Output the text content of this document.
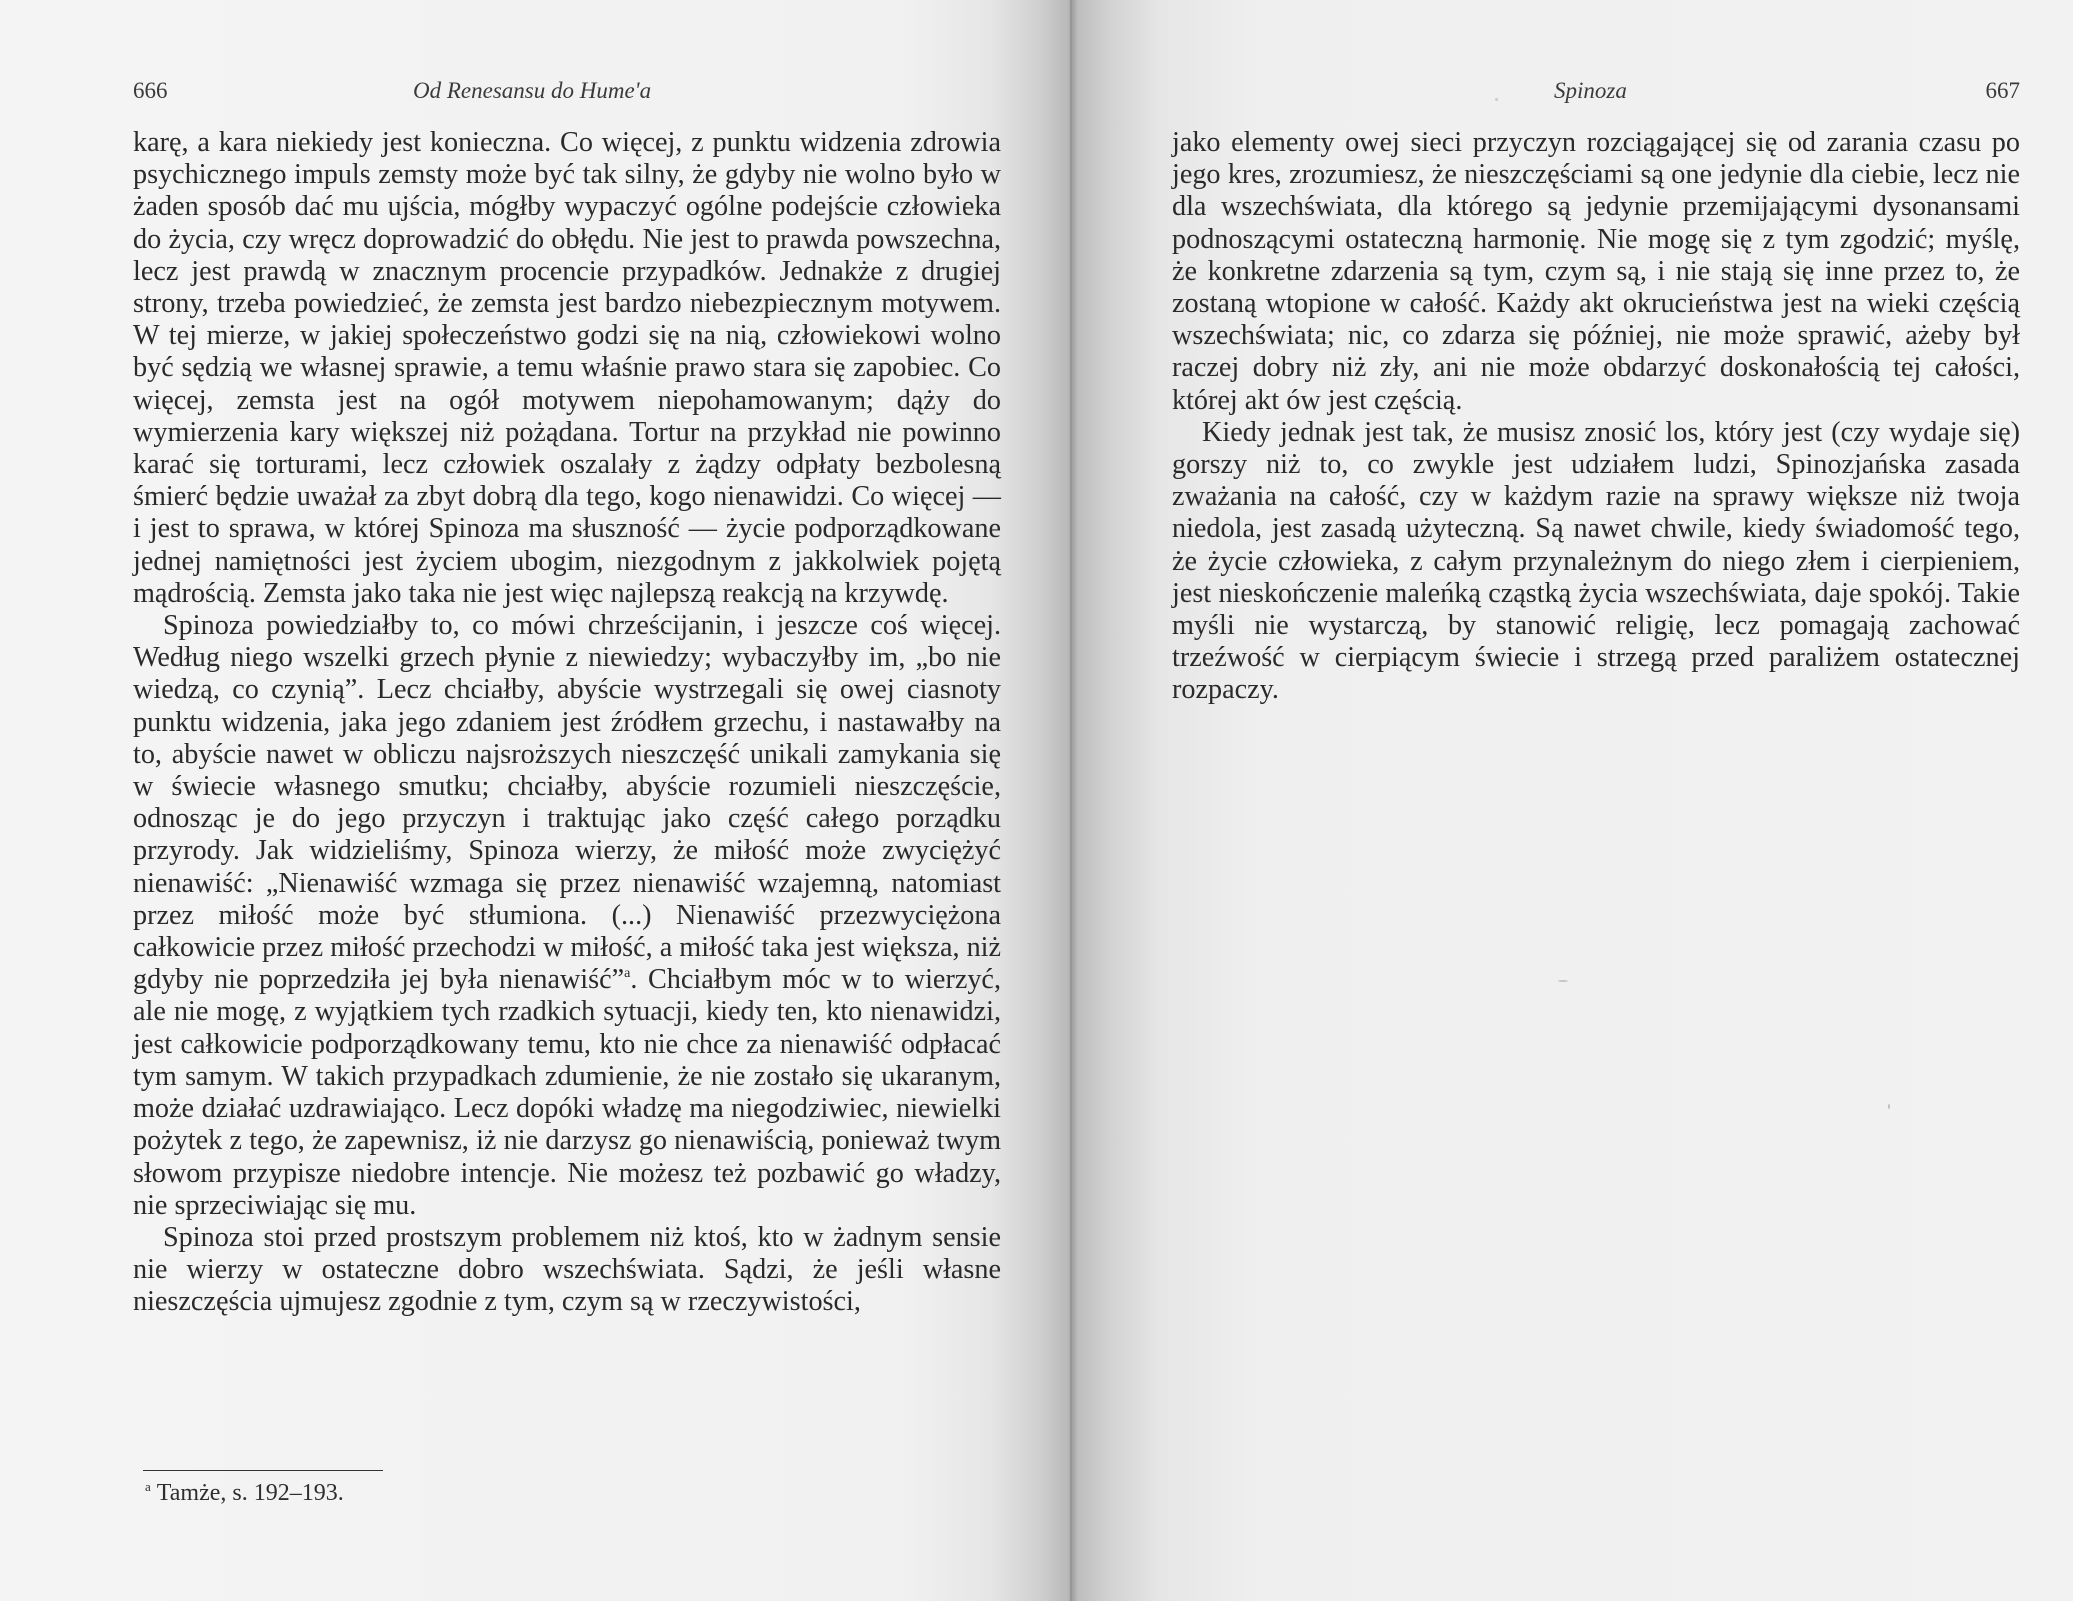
666	Od Renesansu do Hume'a

karę, a kara niekiedy jest konieczna. Co więcej, z punktu widzenia zdrowia psychicznego impuls zemsty może być tak silny, że gdyby nie wolno było w żaden sposób dać mu ujścia, mógłby wypaczyć ogólne podejście człowieka do życia, czy wręcz doprowadzić do obłędu. Nie jest to prawda powszechna, lecz jest prawdą w znacznym procencie przypadków. Jednakże z drugiej strony, trzeba powiedzieć, że zemsta jest bardzo niebezpiecznym motywem. W tej mierze, w jakiej społeczeństwo godzi się na nią, człowiekowi wolno być sędzią we własnej sprawie, a temu właśnie prawo stara się zapobiec. Co więcej, zemsta jest na ogół motywem niepohamowanym; dąży do wymierzenia kary większej niż pożądana. Tortur na przykład nie powinno karać się torturami, lecz człowiek oszalały z żądzy odpłaty bezbolesną śmierć będzie uważał za zbyt dobrą dla tego, kogo nienawidzi. Co więcej — i jest to sprawa, w której Spinoza ma słuszność — życie podporządkowane jednej namiętności jest życiem ubogim, niezgodnym z jakkolwiek pojętą mądrością. Zemsta jako taka nie jest więc najlepszą reakcją na krzywdę.

Spinoza powiedziałby to, co mówi chrześcijanin, i jeszcze coś więcej. Według niego wszelki grzech płynie z niewiedzy; wybaczyłby im, „bo nie wiedzą, co czynią”. Lecz chciałby, abyście wystrzegali się owej ciasnoty punktu widzenia, jaka jego zdaniem jest źródłem grzechu, i nastawałby na to, abyście nawet w obliczu najsroższych nieszczęść unikali zamykania się w świecie własnego smutku; chciałby, abyście rozumieli nieszczęście, odnosząc je do jego przyczyn i traktując jako część całego porządku przyrody. Jak widzieliśmy, Spinoza wierzy, że miłość może zwyciężyć nienawiść: „Nienawiść wzmaga się przez nienawiść wzajemną, natomiast przez miłość może być stłumiona. (...) Nienawiść przezwyciężona całkowicie przez miłość przechodzi w miłość, a miłość taka jest większa, niż gdyby nie poprzedziła jej była nienawiść”$^a$. Chciałbym móc w to wierzyć, ale nie mogę, z wyjątkiem tych rzadkich sytuacji, kiedy ten, kto nienawidzi, jest całkowicie podporządkowany temu, kto nie chce za nienawiść odpłacać tym samym. W takich przypadkach zdumienie, że nie zostało się ukaranym, może działać uzdrawiająco. Lecz dopóki władzę ma niegodziwiec, niewielki pożytek z tego, że zapewnisz, iż nie darzysz go nienawiścią, ponieważ twym słowom przypisze niedobre intencje. Nie możesz też pozbawić go władzy, nie sprzeciwiając się mu.

Spinoza stoi przed prostszym problemem niż ktoś, kto w żadnym sensie nie wierzy w ostateczne dobro wszechświata. Sądzi, że jeśli własne nieszczęścia ujmujesz zgodnie z tym, czym są w rzeczywistości,

$^a$ Tamże, s. 192–193.
Spinoza	667

jako elementy owej sieci przyczyn rozciągającej się od zarania czasu po jego kres, zrozumiesz, że nieszczęściami są one jedynie dla ciebie, lecz nie dla wszechświata, dla którego są jedynie przemijającymi dysonansami podnoszącymi ostateczną harmonię. Nie mogę się z tym zgodzić; myślę, że konkretne zdarzenia są tym, czym są, i nie stają się inne przez to, że zostaną wtopione w całość. Każdy akt okrucieństwa jest na wieki częścią wszechświata; nic, co zdarza się później, nie może sprawić, ażeby był raczej dobry niż zły, ani nie może obdarzyć doskonałością tej całości, której akt ów jest częścią.

Kiedy jednak jest tak, że musisz znosić los, który jest (czy wydaje się) gorszy niż to, co zwykle jest udziałem ludzi, Spinozjańska zasada zważania na całość, czy w każdym razie na sprawy większe niż twoja niedola, jest zasadą użyteczną. Są nawet chwile, kiedy świadomość tego, że życie człowieka, z całym przynależnym do niego złem i cierpieniem, jest nieskończenie maleńką cząstką życia wszechświata, daje spokój. Takie myśli nie wystarczą, by stanowić religię, lecz pomagają zachować trzeźwość w cierpiącym świecie i strzegą przed paraliżem ostatecznej rozpaczy.
